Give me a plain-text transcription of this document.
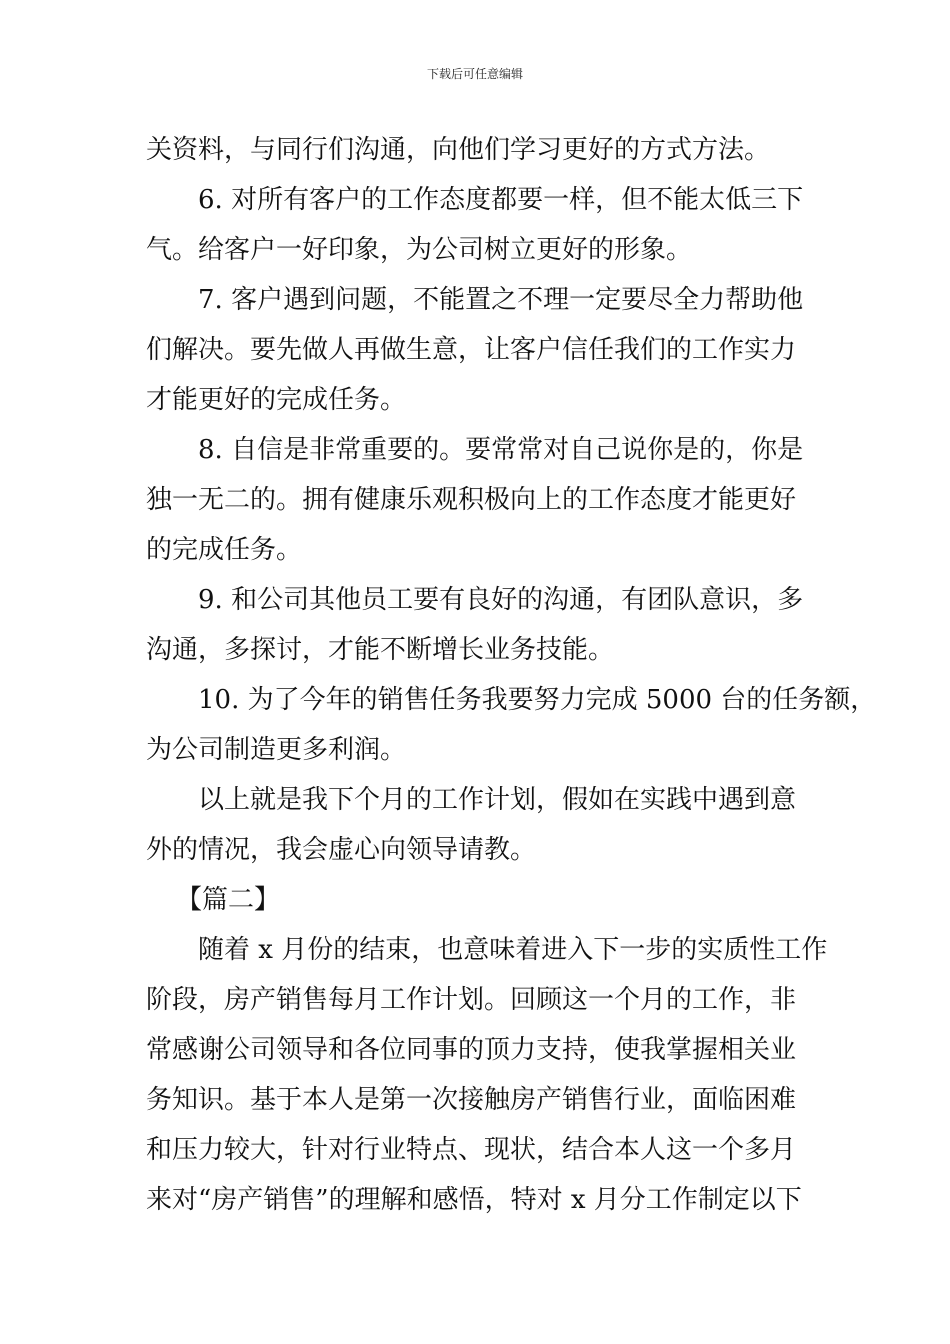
下载后可任意编辑
关资料，与同行们沟通，向他们学习更好的方式方法。
6. 对所有客户的工作态度都要一样，但不能太低三下
气。给客户一好印象，为公司树立更好的形象。
7. 客户遇到问题，不能置之不理一定要尽全力帮助他
们解决。要先做人再做生意，让客户信任我们的工作实力
才能更好的完成任务。
8. 自信是非常重要的。要常常对自己说你是的，你是
独一无二的。拥有健康乐观积极向上的工作态度才能更好
的完成任务。
9. 和公司其他员工要有良好的沟通，有团队意识，多
沟通，多探讨，才能不断增长业务技能。
10. 为了今年的销售任务我要努力完成 5000 台的任务额，
为公司制造更多利润。
以上就是我下个月的工作计划，假如在实践中遇到意
外的情况，我会虚心向领导请教。
【篇二】
随着 x 月份的结束，也意味着进入下一步的实质性工作
阶段，房产销售每月工作计划。回顾这一个月的工作，非
常感谢公司领导和各位同事的顶力支持，使我掌握相关业
务知识。基于本人是第一次接触房产销售行业，面临困难
和压力较大，针对行业特点、现状，结合本人这一个多月
来对“房产销售”的理解和感悟，特对 x 月分工作制定以下
